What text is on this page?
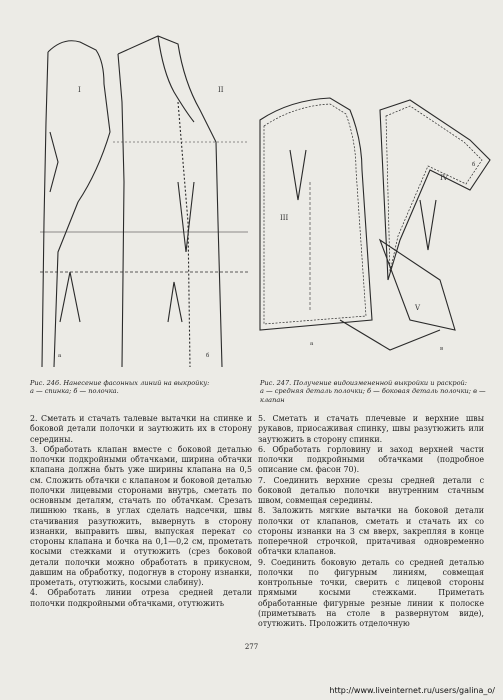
I	II
a	б
III
IV
V
a
б
в
Рис. 246. Нанесение фасонных линий на выкройку:
а — спинка; б — полочка.
Рис. 247. Получение видоизмененной выкройки и раскрой:
а — средняя деталь полочки; б — боковая деталь полочки; в — клапан
2. Сметать и стачать талевые вытачки на спинке и боковой детали полочки и заутюжить их в сторону середины.
3. Обработать клапан вместе с боковой деталью полочки подкройными обтачками, ширина обтачки клапана должна быть уже ширины клапана на 0,5 см. Сложить обтачки с клапаном и боковой деталью полочки лицевыми сторонами внутрь, сметать по основным деталям, стачать по обтачкам. Срезать лишнюю ткань, в углах сделать надсечки, швы стачивания разутюжить, вывернуть в сторону изнанки, выправить швы, выпуская перекат со стороны клапана и бочка на 0,1—0,2 см, прометать косыми стежками и отутюжить (срез боковой детали полочки можно обработать в прикусном, давшим на обработку, подогнув в сторону изнанки, прометать, отутюжить, косыми слабину).
4. Обработать линии отреза средней детали полочки подкройными обтачками, отутюжить
5. Сметать и стачать плечевые и верхние швы рукавов, приосаживая спинку, швы разутюжить или заутюжить в сторону спинки.
6. Обработать горловину и заход верхней части полочки подкройными обтачками (подробное описание см. фасон 70).
7. Соединить верхние срезы средней детали с боковой деталью полочки внутренним стачным швом, совмещая середины.
8. Заложить мягкие вытачки на боковой детали полочки от клапанов, сметать и стачать их со стороны изнанки на 3 см вверх, закрепляя в конце поперечной строчкой, притачивая одновременно обтачки клапанов.
9. Соединить боковую деталь со средней деталью полочки по фигурным линиям, совмещая контрольные точки, сверить с лицевой стороны прямыми косыми стежками. Приметать обработанные фигурные резные линии к полоске (приметывать на столе в развернутом виде), отутюжить. Проложить отделочную
277
http://www.liveinternet.ru/users/galina_o/
